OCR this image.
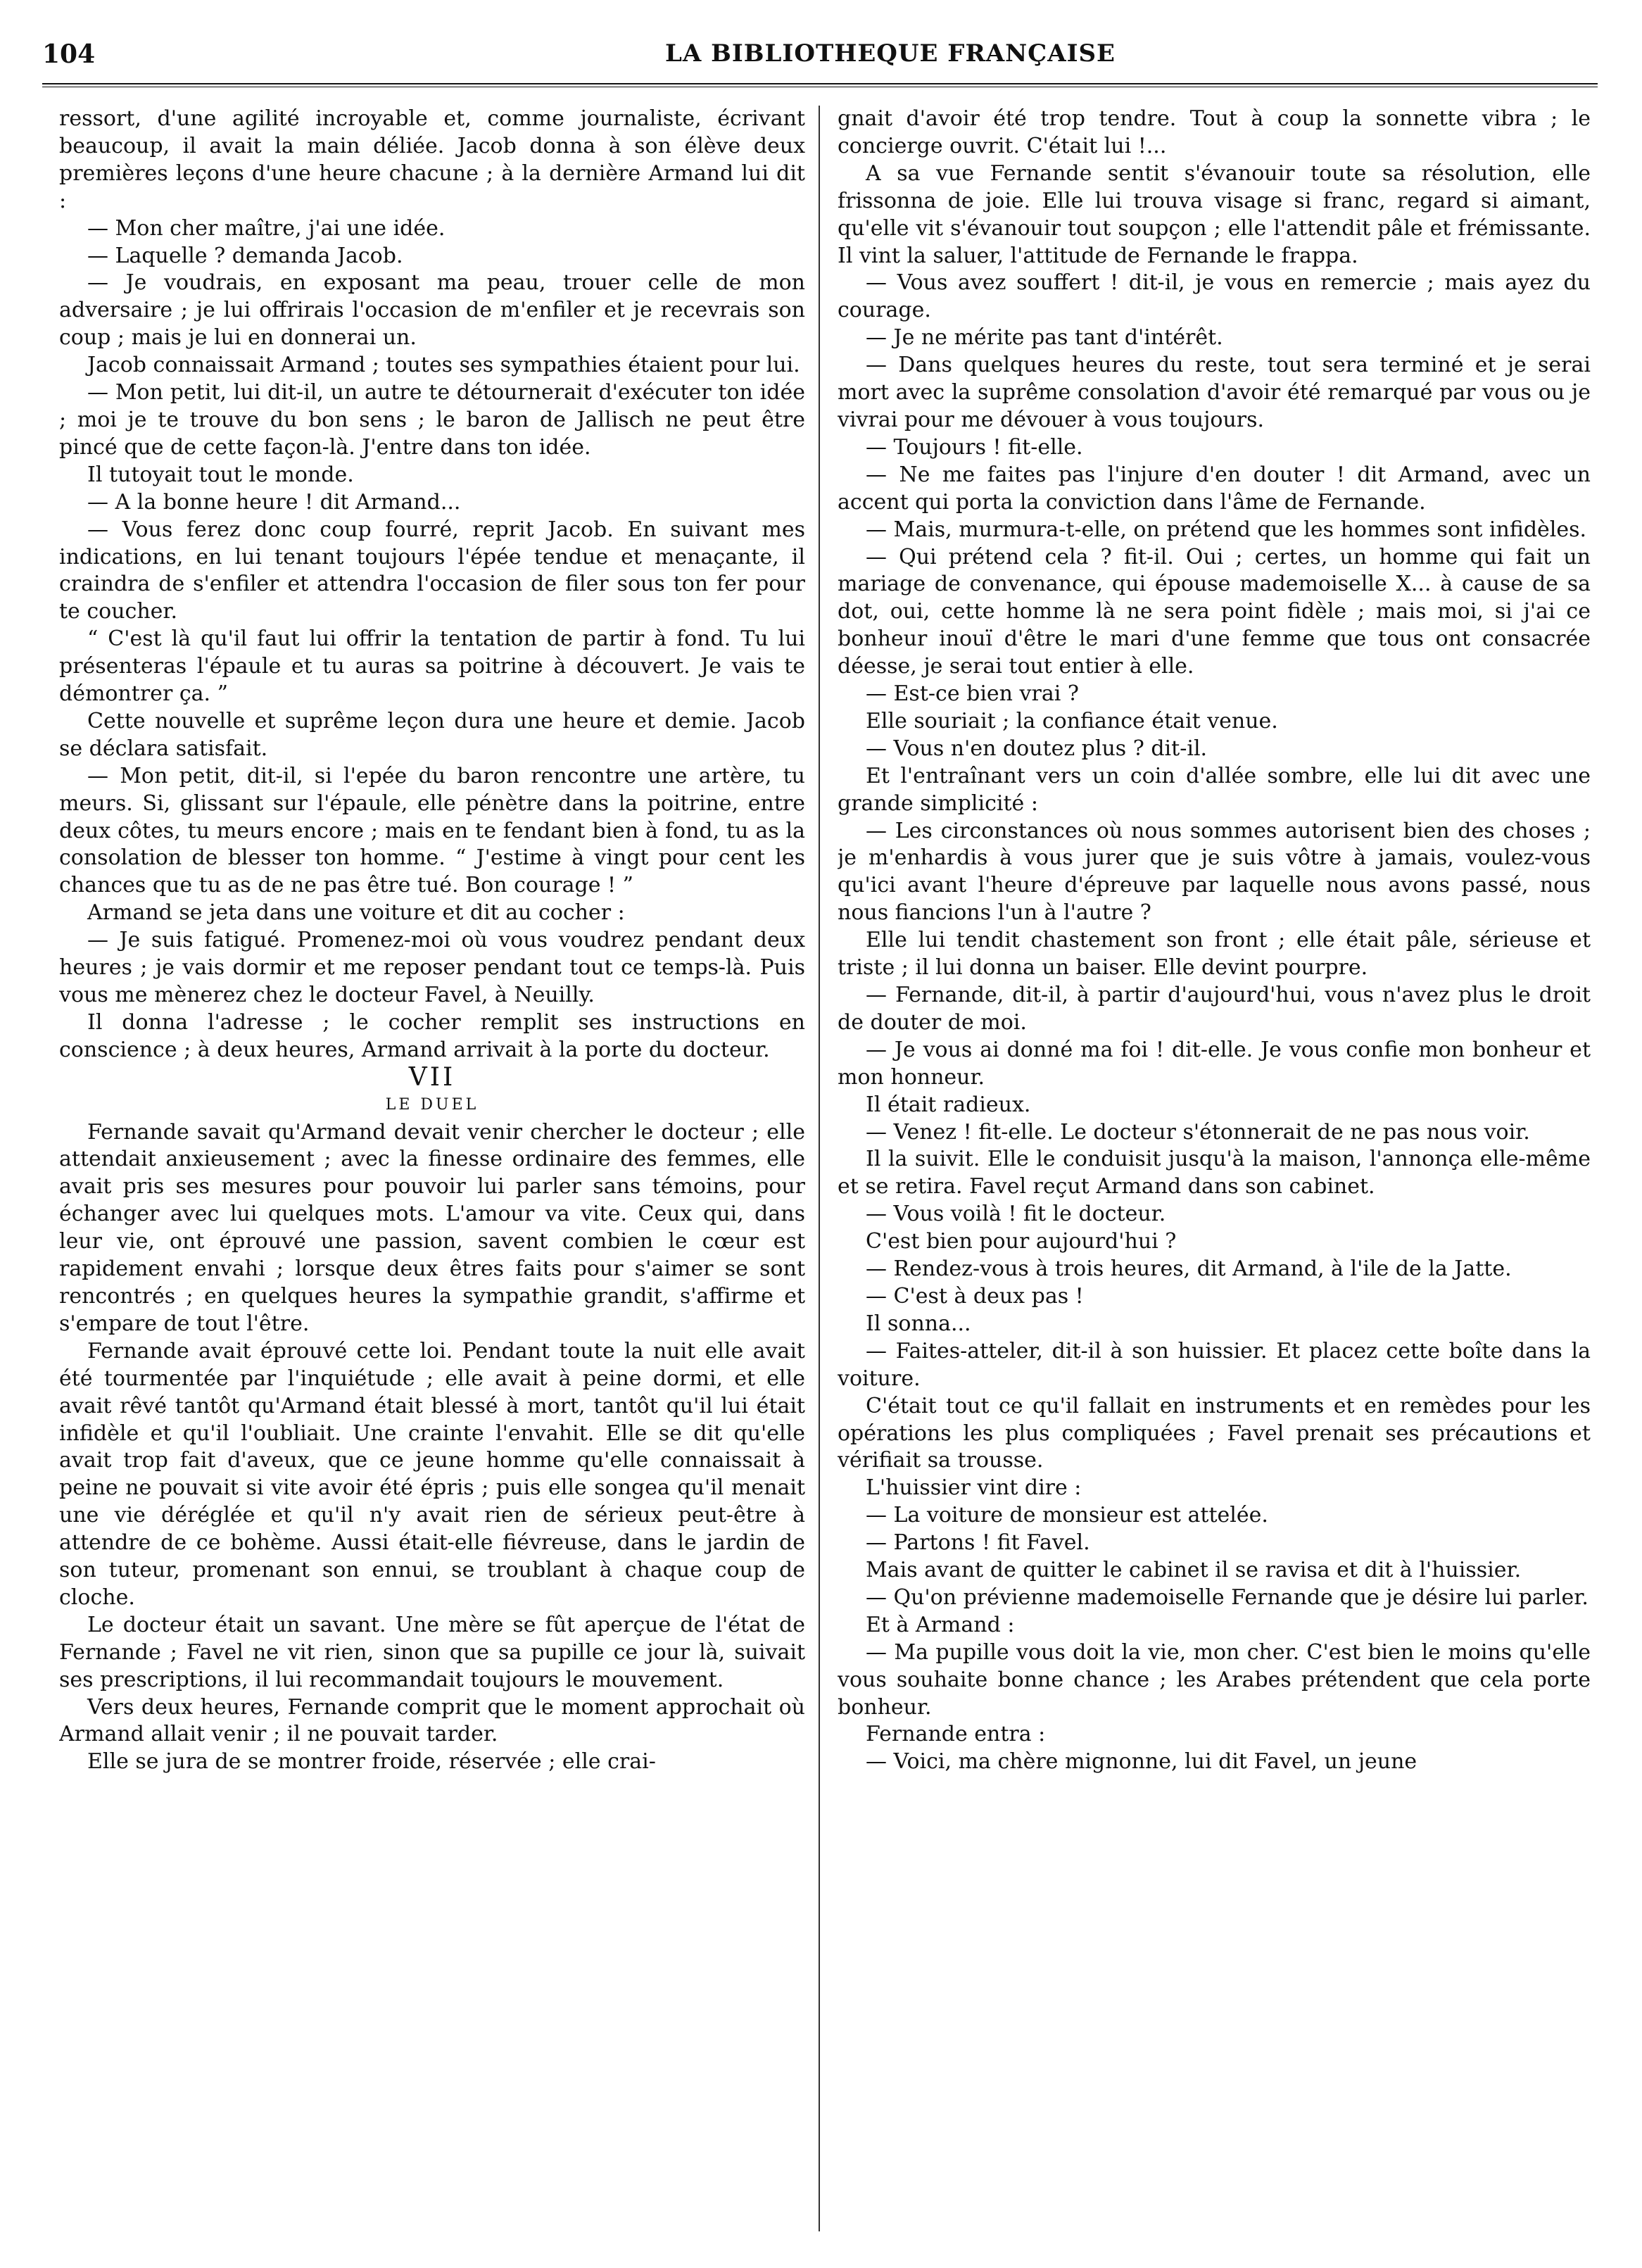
104	LA BIBLIOTHEQUE FRANÇAISE

ressort, d'une agilité incroyable et, comme journaliste, écrivant beaucoup, il avait la main déliée. Jacob donna à son élève deux premières leçons d'une heure chacune ; à la dernière Armand lui dit :

— Mon cher maître, j'ai une idée.

— Laquelle ? demanda Jacob.

— Je voudrais, en exposant ma peau, trouer celle de mon adversaire ; je lui offrirais l'occasion de m'enfiler et je recevrais son coup ; mais je lui en donnerai un.

Jacob connaissait Armand ; toutes ses sympathies étaient pour lui.

— Mon petit, lui dit-il, un autre te détournerait d'exécuter ton idée ; moi je te trouve du bon sens ; le baron de Jallisch ne peut être pincé que de cette façon-là. J'entre dans ton idée.

Il tutoyait tout le monde.

— A la bonne heure ! dit Armand...

— Vous ferez donc coup fourré, reprit Jacob. En suivant mes indications, en lui tenant toujours l'épée tendue et menaçante, il craindra de s'enfiler et attendra l'occasion de filer sous ton fer pour te coucher.

“ C'est là qu'il faut lui offrir la tentation de partir à fond. Tu lui présenteras l'épaule et tu auras sa poitrine à découvert. Je vais te démontrer ça. ”

Cette nouvelle et suprême leçon dura une heure et demie. Jacob se déclara satisfait.

— Mon petit, dit-il, si l'epée du baron rencontre une artère, tu meurs. Si, glissant sur l'épaule, elle pénètre dans la poitrine, entre deux côtes, tu meurs encore ; mais en te fendant bien à fond, tu as la consolation de blesser ton homme. “ J'estime à vingt pour cent les chances que tu as de ne pas être tué. Bon courage ! ”

Armand se jeta dans une voiture et dit au cocher :

— Je suis fatigué. Promenez-moi où vous voudrez pendant deux heures ; je vais dormir et me reposer pendant tout ce temps-là. Puis vous me mènerez chez le docteur Favel, à Neuilly.

Il donna l'adresse ; le cocher remplit ses instructions en conscience ; à deux heures, Armand arrivait à la porte du docteur.

VII

LE DUEL

Fernande savait qu'Armand devait venir chercher le docteur ; elle attendait anxieusement ; avec la finesse ordinaire des femmes, elle avait pris ses mesures pour pouvoir lui parler sans témoins, pour échanger avec lui quelques mots. L'amour va vite. Ceux qui, dans leur vie, ont éprouvé une passion, savent combien le cœur est rapidement envahi ; lorsque deux êtres faits pour s'aimer se sont rencontrés ; en quelques heures la sympathie grandit, s'affirme et s'empare de tout l'être.

Fernande avait éprouvé cette loi. Pendant toute la nuit elle avait été tourmentée par l'inquiétude ; elle avait à peine dormi, et elle avait rêvé tantôt qu'Armand était blessé à mort, tantôt qu'il lui était infidèle et qu'il l'oubliait. Une crainte l'envahit. Elle se dit qu'elle avait trop fait d'aveux, que ce jeune homme qu'elle connaissait à peine ne pouvait si vite avoir été épris ; puis elle songea qu'il menait une vie déréglée et qu'il n'y avait rien de sérieux peut-être à attendre de ce bohème. Aussi était-elle fiévreuse, dans le jardin de son tuteur, promenant son ennui, se troublant à chaque coup de cloche.

Le docteur était un savant. Une mère se fût aperçue de l'état de Fernande ; Favel ne vit rien, sinon que sa pupille ce jour là, suivait ses prescriptions, il lui recommandait toujours le mouvement.

Vers deux heures, Fernande comprit que le moment approchait où Armand allait venir ; il ne pouvait tarder.

Elle se jura de se montrer froide, réservée ; elle crai-

gnait d'avoir été trop tendre. Tout à coup la sonnette vibra ; le concierge ouvrit. C'était lui !...

A sa vue Fernande sentit s'évanouir toute sa résolution, elle frissonna de joie. Elle lui trouva visage si franc, regard si aimant, qu'elle vit s'évanouir tout soupçon ; elle l'attendit pâle et frémissante. Il vint la saluer, l'attitude de Fernande le frappa.

— Vous avez souffert ! dit-il, je vous en remercie ; mais ayez du courage.

— Je ne mérite pas tant d'intérêt.

— Dans quelques heures du reste, tout sera terminé et je serai mort avec la suprême consolation d'avoir été remarqué par vous ou je vivrai pour me dévouer à vous toujours.

— Toujours ! fit-elle.

— Ne me faites pas l'injure d'en douter ! dit Armand, avec un accent qui porta la conviction dans l'âme de Fernande.

— Mais, murmura-t-elle, on prétend que les hommes sont infidèles.

— Qui prétend cela ? fit-il. Oui ; certes, un homme qui fait un mariage de convenance, qui épouse mademoiselle X... à cause de sa dot, oui, cette homme là ne sera point fidèle ; mais moi, si j'ai ce bonheur inouï d'être le mari d'une femme que tous ont consacrée déesse, je serai tout entier à elle.

— Est-ce bien vrai ?

Elle souriait ; la confiance était venue.

— Vous n'en doutez plus ? dit-il.

Et l'entraînant vers un coin d'allée sombre, elle lui dit avec une grande simplicité :

— Les circonstances où nous sommes autorisent bien des choses ; je m'enhardis à vous jurer que je suis vôtre à jamais, voulez-vous qu'ici avant l'heure d'épreuve par laquelle nous avons passé, nous nous fiancions l'un à l'autre ?

Elle lui tendit chastement son front ; elle était pâle, sérieuse et triste ; il lui donna un baiser. Elle devint pourpre.

— Fernande, dit-il, à partir d'aujourd'hui, vous n'avez plus le droit de douter de moi.

— Je vous ai donné ma foi ! dit-elle. Je vous confie mon bonheur et mon honneur.

Il était radieux.

— Venez ! fit-elle. Le docteur s'étonnerait de ne pas nous voir.

Il la suivit. Elle le conduisit jusqu'à la maison, l'annonça elle-même et se retira. Favel reçut Armand dans son cabinet.

— Vous voilà ! fit le docteur.

C'est bien pour aujourd'hui ?

— Rendez-vous à trois heures, dit Armand, à l'ile de la Jatte.

— C'est à deux pas !

Il sonna...

— Faites-atteler, dit-il à son huissier. Et placez cette boîte dans la voiture.

C'était tout ce qu'il fallait en instruments et en remèdes pour les opérations les plus compliquées ; Favel prenait ses précautions et vérifiait sa trousse.

L'huissier vint dire :

— La voiture de monsieur est attelée.

— Partons ! fit Favel.

Mais avant de quitter le cabinet il se ravisa et dit à l'huissier.

— Qu'on prévienne mademoiselle Fernande que je désire lui parler.

Et à Armand :

— Ma pupille vous doit la vie, mon cher. C'est bien le moins qu'elle vous souhaite bonne chance ; les Arabes prétendent que cela porte bonheur.

Fernande entra :

— Voici, ma chère mignonne, lui dit Favel, un jeune
